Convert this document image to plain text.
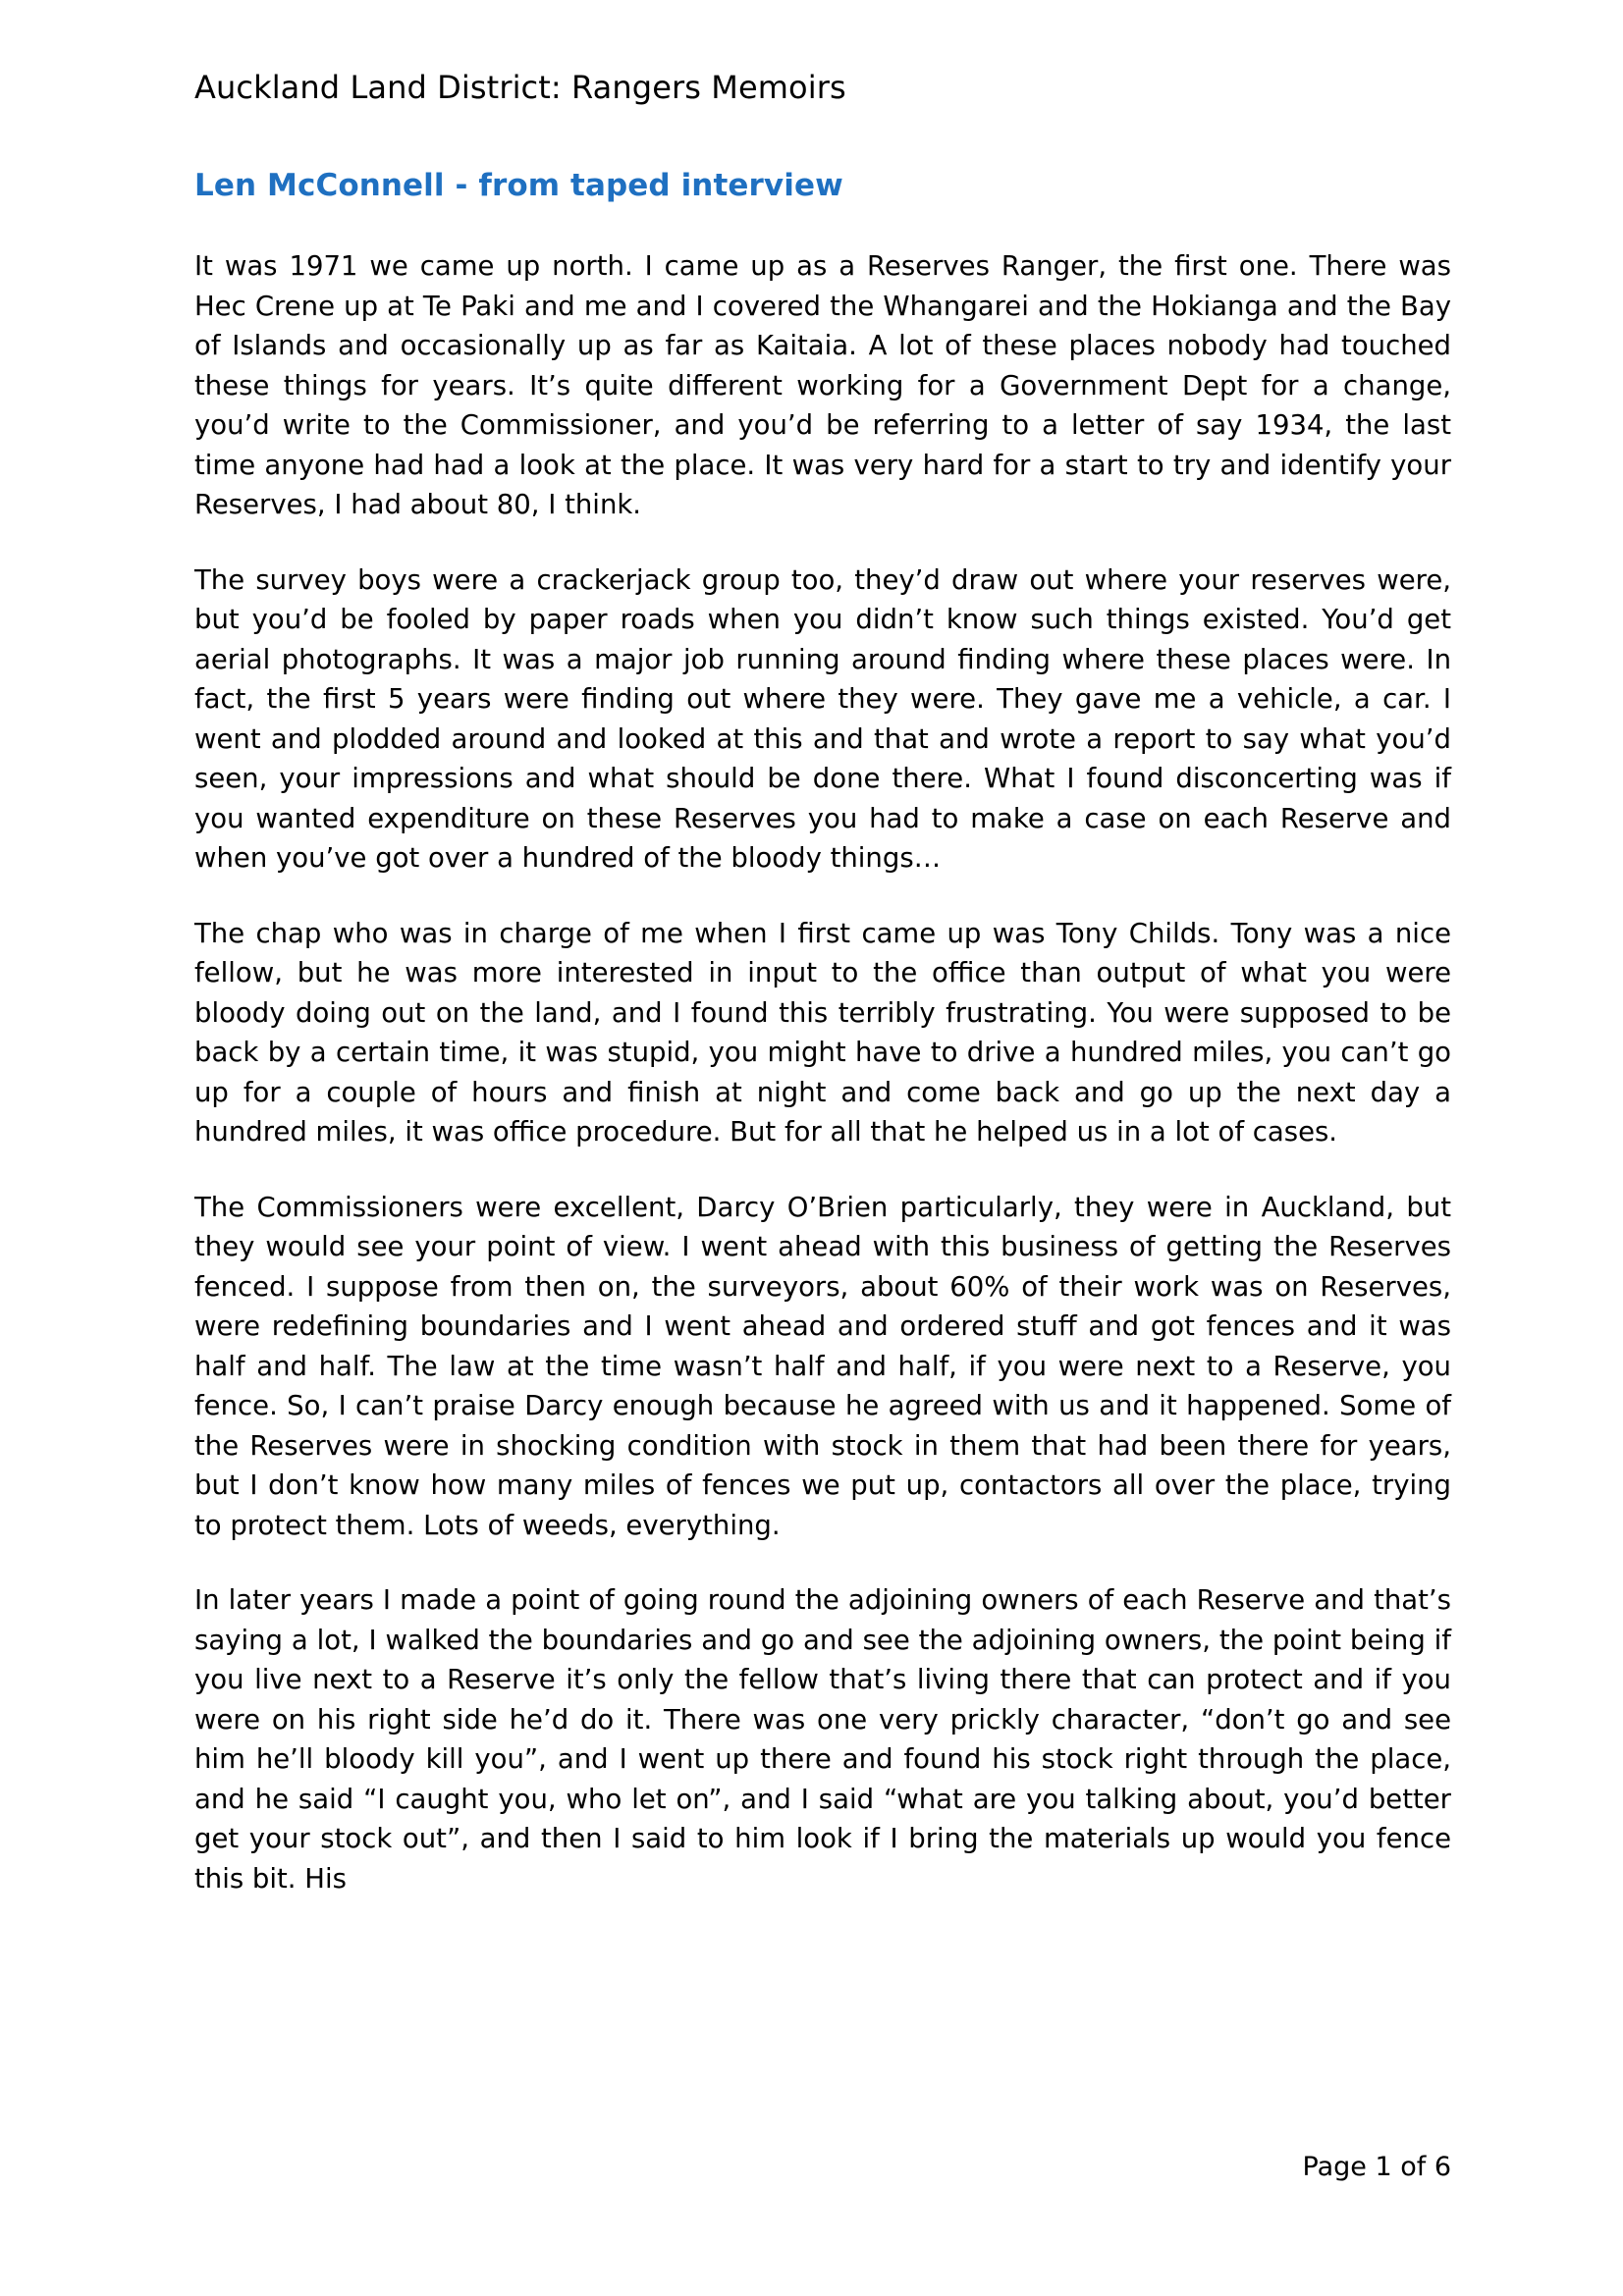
Auckland Land District: Rangers Memoirs
Len McConnell - from taped interview

It was 1971 we came up north. I came up as a Reserves Ranger, the first one. There was Hec Crene up at Te Paki and me and I covered the Whangarei and the Hokianga and the Bay of Islands and occasionally up as far as Kaitaia. A lot of these places nobody had touched these things for years. It’s quite different working for a Government Dept for a change, you’d write to the Commissioner, and you’d be referring to a letter of say 1934, the last time anyone had had a look at the place. It was very hard for a start to try and identify your Reserves, I had about 80, I think.

The survey boys were a crackerjack group too, they’d draw out where your reserves were, but you’d be fooled by paper roads when you didn’t know such things existed. You’d get aerial photographs. It was a major job running around finding where these places were. In fact, the first 5 years were finding out where they were. They gave me a vehicle, a car. I went and plodded around and looked at this and that and wrote a report to say what you’d seen, your impressions and what should be done there. What I found disconcerting was if you wanted expenditure on these Reserves you had to make a case on each Reserve and when you’ve got over a hundred of the bloody things…

The chap who was in charge of me when I first came up was Tony Childs. Tony was a nice fellow, but he was more interested in input to the office than output of what you were bloody doing out on the land, and I found this terribly frustrating. You were supposed to be back by a certain time, it was stupid, you might have to drive a hundred miles, you can’t go up for a couple of hours and finish at night and come back and go up the next day a hundred miles, it was office procedure. But for all that he helped us in a lot of cases.

The Commissioners were excellent, Darcy O’Brien particularly, they were in Auckland, but they would see your point of view. I went ahead with this business of getting the Reserves fenced. I suppose from then on, the surveyors, about 60% of their work was on Reserves, were redefining boundaries and I went ahead and ordered stuff and got fences and it was half and half. The law at the time wasn’t half and half, if you were next to a Reserve, you fence. So, I can’t praise Darcy enough because he agreed with us and it happened. Some of the Reserves were in shocking condition with stock in them that had been there for years, but I don’t know how many miles of fences we put up, contactors all over the place, trying to protect them. Lots of weeds, everything.

In later years I made a point of going round the adjoining owners of each Reserve and that’s saying a lot, I walked the boundaries and go and see the adjoining owners, the point being if you live next to a Reserve it’s only the fellow that’s living there that can protect and if you were on his right side he’d do it. There was one very prickly character, “don’t go and see him he’ll bloody kill you”, and I went up there and found his stock right through the place, and he said “I caught you, who let on”, and I said “what are you talking about, you’d better get your stock out”, and then I said to him look if I bring the materials up would you fence this bit. His

Page 1 of 6
